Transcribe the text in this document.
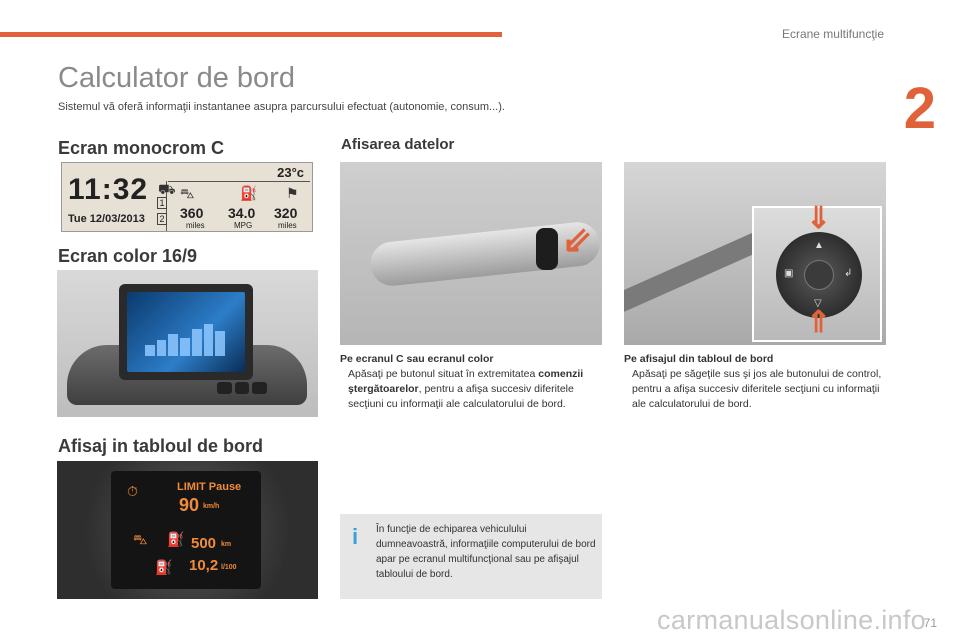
Ecrane multifuncţie
2
Calculator de bord
Sistemul vă oferă informaţii instantanee asupra parcursului efectuat (autonomie, consum...).
Ecran monocrom C
11:32
Tue 12/03/2013
23°c
1
2
⛟ ⛍	⛽ ⚑
360
miles
34.0
MPG
320
miles
Ecran color 16/9
Afisaj in tabloul de bord
⏱	LIMIT Pause
90 km/h
⛍ ⛽ 500 km
⛽ 10,2 l/100
Afisarea datelor
⇙	▲
▽
▣	↲
⇓
⇑
Pe ecranul C sau ecranul color
Apăsaţi pe butonul situat în extremitatea comenzii ştergătoarelor, pentru a afişa succesiv diferitele secţiuni cu informaţii ale calculatorului de bord.
Pe afisajul din tabloul de bord
Apăsaţi pe săgeţile sus şi jos ale butonului de control, pentru a afişa succesiv diferitele secţiuni cu informaţii ale calculatorului de bord.
i În funcţie de echiparea vehiculului dumneavoastră, informaţiile computerului de bord apar pe ecranul multifuncţional sau pe afişajul tabloului de bord.
carmanualsonline.info
71
